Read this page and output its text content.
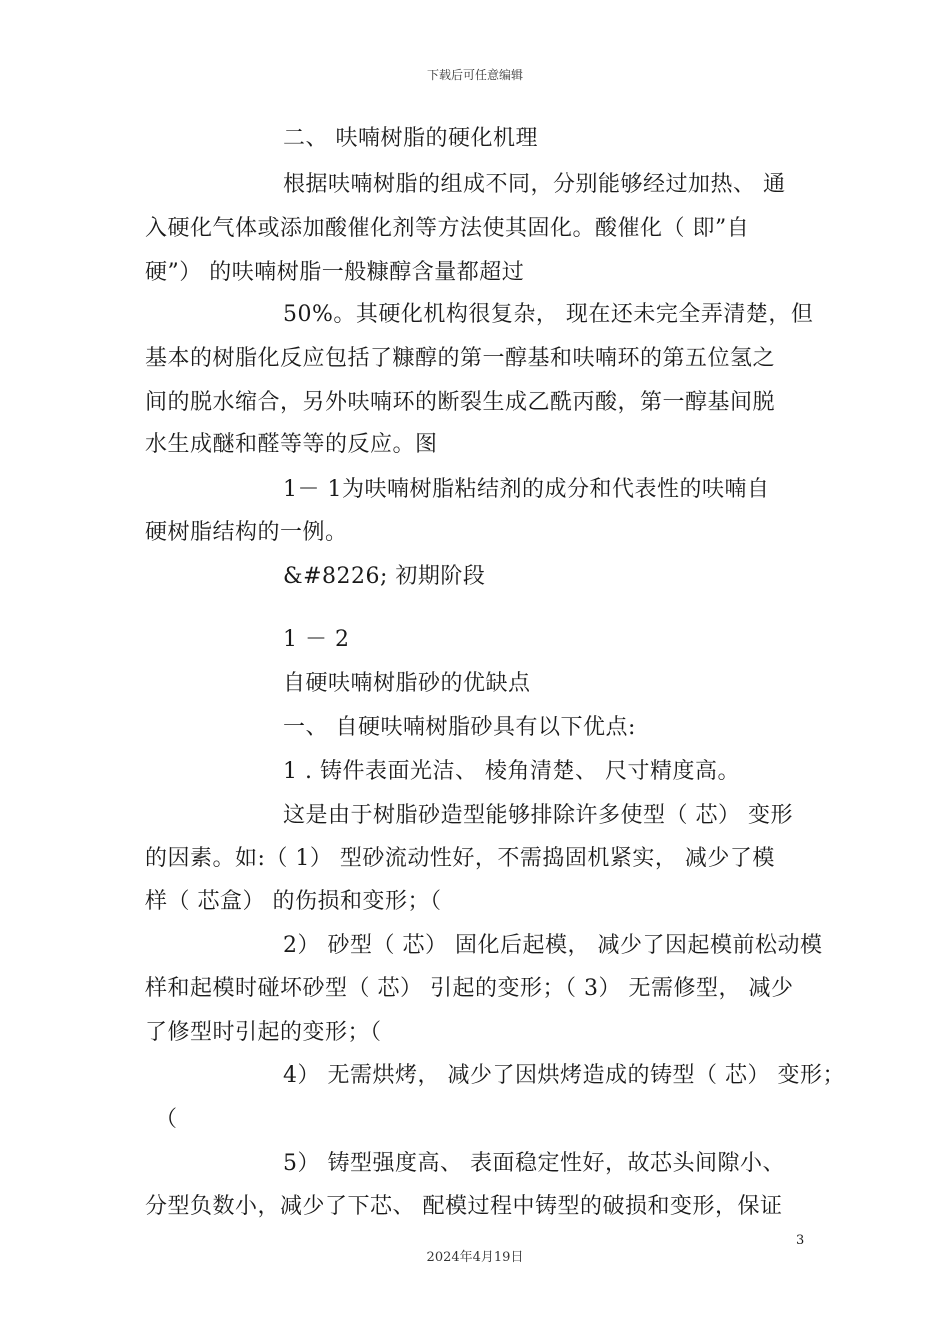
下载后可任意编辑
二、 呋喃树脂的硬化机理
根据呋喃树脂的组成不同，分别能够经过加热、 通
入硬化气体或添加酸催化剂等方法使其固化。酸催化（ 即”自
硬”） 的呋喃树脂一般糠醇含量都超过
50%。其硬化机构很复杂， 现在还未完全弄清楚，但
基本的树脂化反应包括了糠醇的第一醇基和呋喃环的第五位氢之
间的脱水缩合，另外呋喃环的断裂生成乙酰丙酸，第一醇基间脱
水生成醚和醛等等的反应。图
1－ 1为呋喃树脂粘结剂的成分和代表性的呋喃自
硬树脂结构的一例。
&#8226; 初期阶段
1 － 2
自硬呋喃树脂砂的优缺点
一、 自硬呋喃树脂砂具有以下优点:
1 . 铸件表面光洁、 棱角清楚、 尺寸精度高。
这是由于树脂砂造型能够排除许多使型（ 芯） 变形
的因素。如:（ 1） 型砂流动性好，不需捣固机紧实， 减少了模
样（ 芯盒） 的伤损和变形；（
2） 砂型（ 芯） 固化后起模， 减少了因起模前松动模
样和起模时碰坏砂型（ 芯） 引起的变形；（ 3） 无需修型， 减少
了修型时引起的变形；（
4） 无需烘烤， 减少了因烘烤造成的铸型（ 芯） 变形；
（
5） 铸型强度高、 表面稳定性好，故芯头间隙小、
分型负数小，减少了下芯、 配模过程中铸型的破损和变形，保证
3
2024年4月19日
